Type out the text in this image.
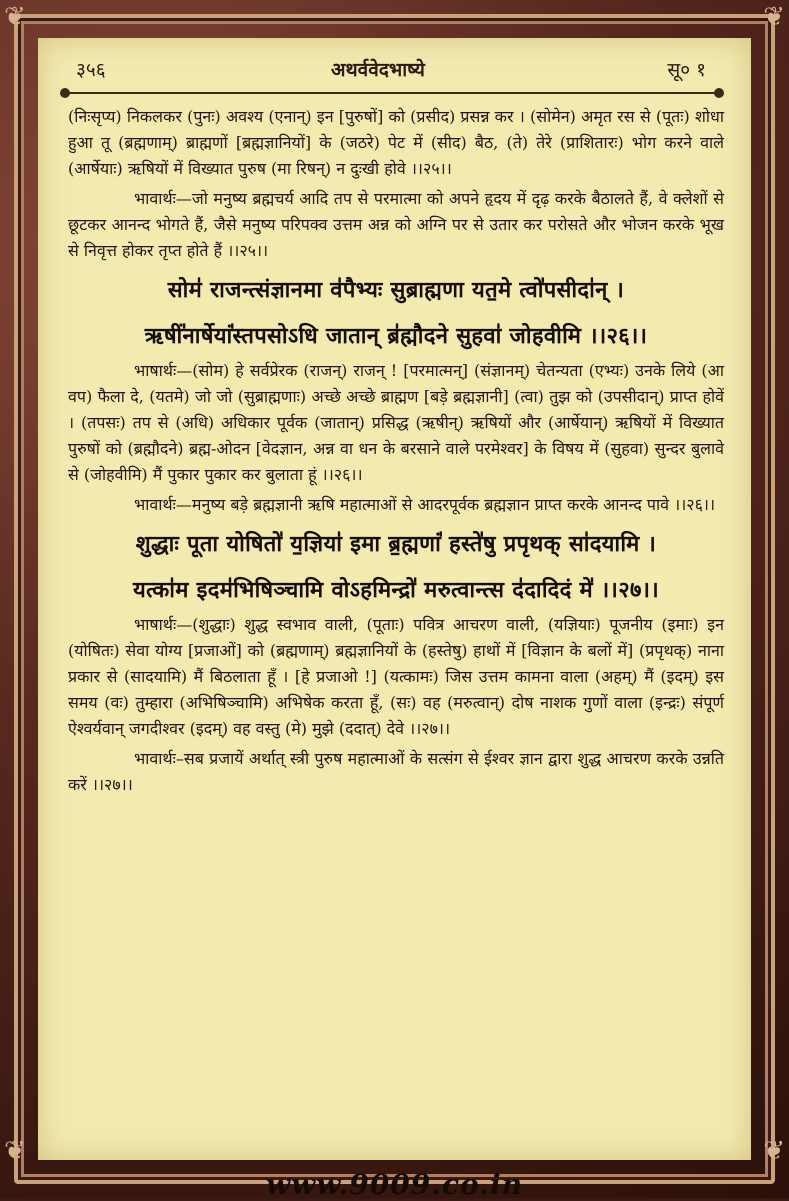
❦	❦
❦	❦
३५६	अथर्ववेदभाष्ये	सू० १
(निःसृप्य) निकलकर (पुनः) अवश्य (एनान्) इन [पुरुषों] को (प्रसीद) प्रसन्न कर । (सोमेन) अमृत रस से (पूतः) शोधा हुआ तू (ब्रह्मणाम्) ब्राह्मणों [ब्रह्मज्ञानियों] के (जठरे) पेट में (सीद) बैठ, (ते) तेरे (प्राशितारः) भोग करने वाले (आर्षेयाः) ऋषियों में विख्यात पुरुष (मा रिषन्) न दुःखी होवे ।।२५।।
भावार्थः—जो मनुष्य ब्रह्मचर्य आदि तप से परमात्मा को अपने हृदय में दृढ़ करके बैठालते हैं, वे क्लेशों से छूटकर आनन्द भोगते हैं, जैसे मनुष्य परिपक्व उत्तम अन्न को अग्नि पर से उतार कर परोसते और भोजन करके भूख से निवृत्त होकर तृप्त होते हैं ।।२५।।
सोम॑ राजन्त्संज्ञानमा व॑पैभ्यः सुब्राह्मणा यत॒मे त्वो॑पसीदा॑न् ।
ऋषीं॑नार्षेयां॑स्तपसोऽधि जातान् ब्र॑ह्मौदने सुहवा॑ जोहवीमि ।।२६।।
भाषार्थः—(सोम) हे सर्वप्रेरक (राजन्) राजन् ! [परमात्मन्] (संज्ञानम्) चेतन्यता (एभ्यः) उनके लिये (आ वप) फैला दे, (यतमे) जो जो (सुब्राह्मणाः) अच्छे अच्छे ब्राह्मण [बड़े ब्रह्मज्ञानी] (त्वा) तुझ को (उपसीदान्) प्राप्त होवें । (तपसः) तप से (अधि) अधिकार पूर्वक (जातान्) प्रसिद्ध (ऋषीन्) ऋषियों और (आर्षेयान्) ऋषियों में विख्यात पुरुषों को (ब्रह्मौदने) ब्रह्म-ओदन [वेदज्ञान, अन्न वा धन के बरसाने वाले परमेश्वर] के विषय में (सुहवा) सुन्दर बुलावे से (जोहवीमि) मैं पुकार पुकार कर बुलाता हूं ।।२६।।
भावार्थः—मनुष्य बड़े ब्रह्मज्ञानी ऋषि महात्माओं से आदरपूर्वक ब्रह्मज्ञान प्राप्त करके आनन्द पावे ।।२६।।
शुद्धाः पूता योषितो॑ य॒ज्ञिया॑ इमा ब्र॒ह्मणां॑ हस्ते॑षु प्रपृथक् सा॑दयामि ।
यत्का॑म इदम॑भिषिञ्चामि वोऽहमिन्द्रो॑ मरुत्वान्त्स द॑दादिदं मे॑ ।।२७।।
भाषार्थः—(शुद्धाः) शुद्ध स्वभाव वाली, (पूताः) पवित्र आचरण वाली, (यज्ञियाः) पूजनीय (इमाः) इन (योषितः) सेवा योग्य [प्रजाओं] को (ब्रह्मणाम्) ब्रह्मज्ञानियों के (हस्तेषु) हाथों में [विज्ञान के बलों में] (प्रपृथक्) नाना प्रकार से (सादयामि) मैं बिठलाता हूँ । [हे प्रजाओ !] (यत्कामः) जिस उत्तम कामना वाला (अहम्) मैं (इदम्) इस समय (वः) तुम्हारा (अभिषिञ्चामि) अभिषेक करता हूँ, (सः) वह (मरुत्वान्) दोष नाशक गुणों वाला (इन्द्रः) संपूर्ण ऐश्वर्यवान् जगदीश्वर (इदम्) वह वस्तु (मे) मुझे (ददात्) देवे ।।२७।।
भावार्थः–सब प्रजायें अर्थात् स्त्री पुरुष महात्माओं के सत्संग से ईश्वर ज्ञान द्वारा शुद्ध आचरण करके उन्नति करें ।।२७।।
www.9009.co.in
